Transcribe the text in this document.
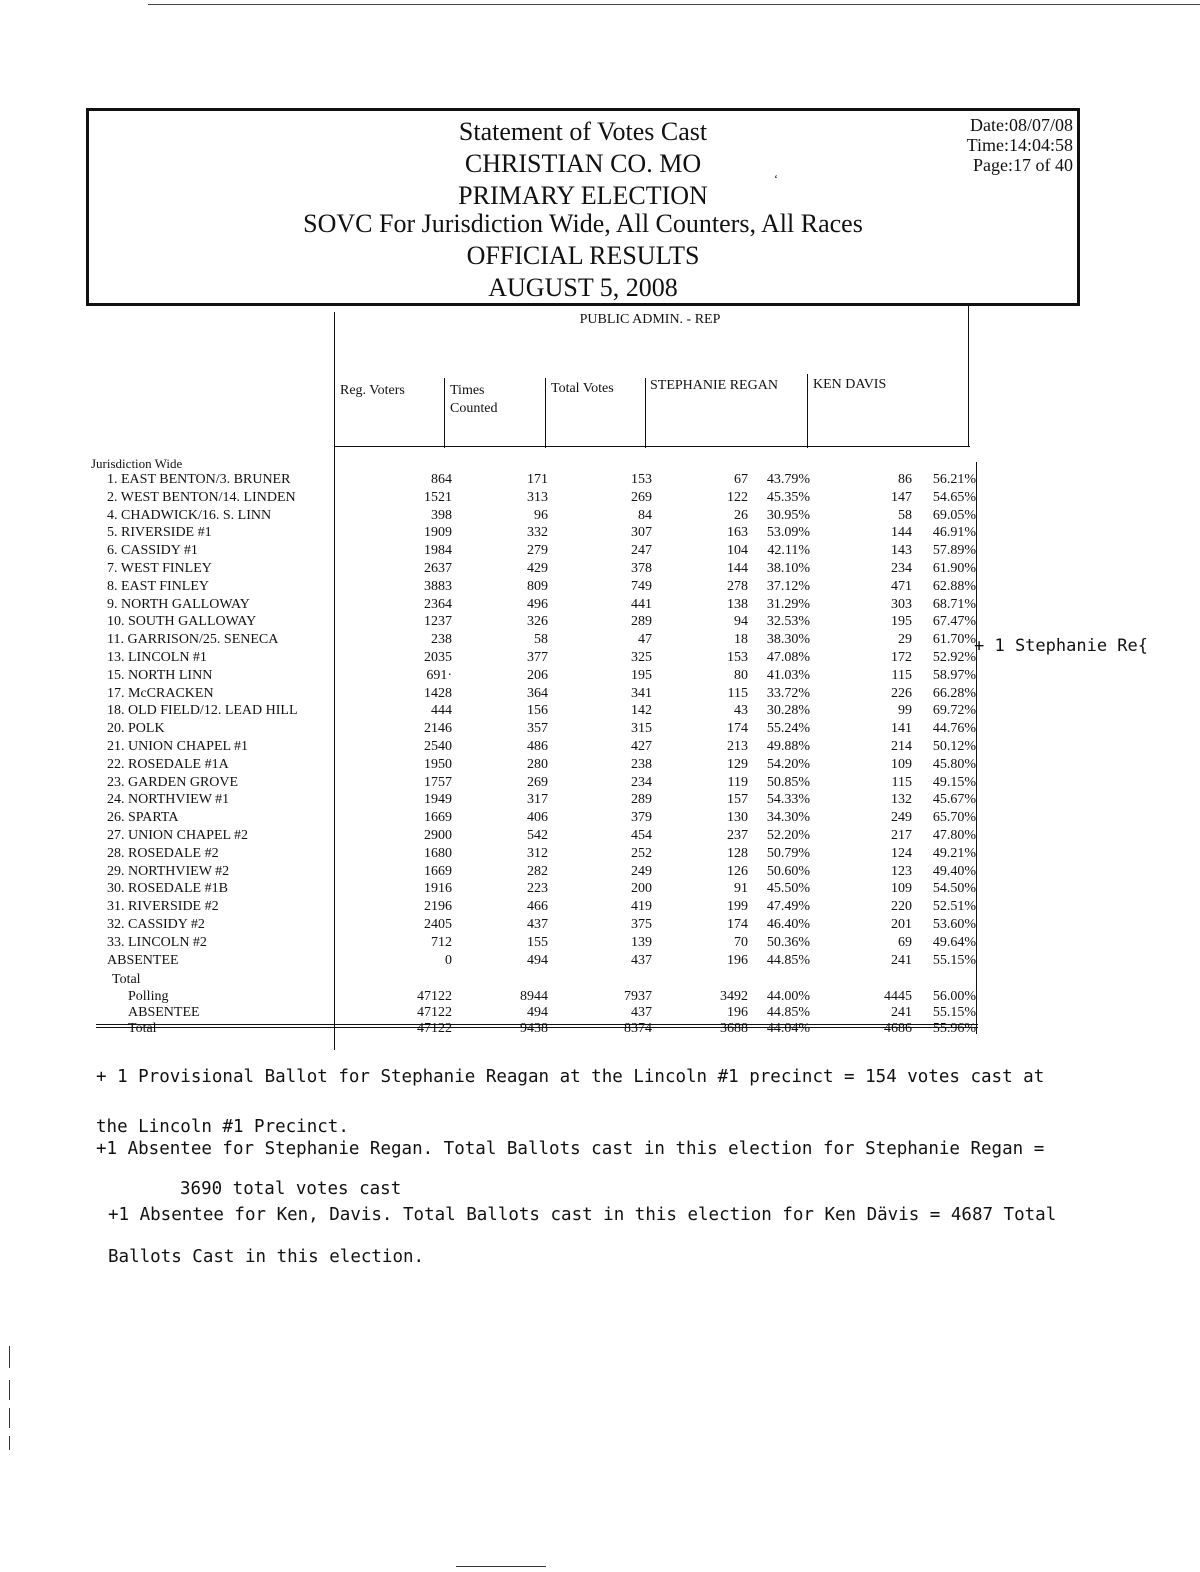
Statement of Votes Cast
CHRISTIAN CO. MO
PRIMARY ELECTION
SOVC For Jurisdiction Wide, All Counters, All Races
OFFICIAL RESULTS
AUGUST 5, 2008
Date:08/07/08
Time:14:04:58
Page:17 of 40
‘
PUBLIC ADMIN. - REP
Reg. Voters	Times
Counted
Total Votes	STEPHANIE REGAN	KEN DAVIS
Jurisdiction Wide
1. EAST BENTON/3. BRUNER	864	171	153	67 43.79%	86 56.21%
2. WEST BENTON/14. LINDEN	1521	313	269	122 45.35%	147 54.65%
4. CHADWICK/16. S. LINN	398	96	84	26 30.95%	58 69.05%
5. RIVERSIDE #1	1909	332	307	163 53.09%	144 46.91%
6. CASSIDY #1	1984	279	247	104 42.11%	143 57.89%
7. WEST FINLEY	2637	429	378	144 38.10%	234 61.90%
8. EAST FINLEY	3883	809	749	278 37.12%	471 62.88%
9. NORTH GALLOWAY	2364	496	441	138 31.29%	303 68.71%
10. SOUTH GALLOWAY	1237	326	289	94 32.53%	195 67.47%
11. GARRISON/25. SENECA	238	58	47	18 38.30%	29 61.70%
13. LINCOLN #1	2035	377	325	153 47.08%	172 52.92%
15. NORTH LINN	691·	206	195	80 41.03%	115 58.97%
17. McCRACKEN	1428	364	341	115 33.72%	226 66.28%
18. OLD FIELD/12. LEAD HILL	444	156	142	43 30.28%	99 69.72%
20. POLK	2146	357	315	174 55.24%	141 44.76%
21. UNION CHAPEL #1	2540	486	427	213 49.88%	214 50.12%
22. ROSEDALE #1A	1950	280	238	129 54.20%	109 45.80%
23. GARDEN GROVE	1757	269	234	119 50.85%	115 49.15%
24. NORTHVIEW #1	1949	317	289	157 54.33%	132 45.67%
26. SPARTA	1669	406	379	130 34.30%	249 65.70%
27. UNION CHAPEL #2	2900	542	454	237 52.20%	217 47.80%
28. ROSEDALE #2	1680	312	252	128 50.79%	124 49.21%
29. NORTHVIEW #2	1669	282	249	126 50.60%	123 49.40%
30. ROSEDALE #1B	1916	223	200	91 45.50%	109 54.50%
31. RIVERSIDE #2	2196	466	419	199 47.49%	220 52.51%
32. CASSIDY #2	2405	437	375	174 46.40%	201 53.60%
33. LINCOLN #2	712	155	139	70 50.36%	69 49.64%
ABSENTEE	0	494	437	196 44.85%	241 55.15%
+ 1 Stephanie Re{
Total
Polling	47122	8944	7937	3492 44.00%	4445 56.00%
ABSENTEE	47122	494	437	196 44.85%	241 55.15%
Total	47122	9438	8374	3688 44.04%	4686 55.96%
+ 1 Provisional Ballot for Stephanie Reagan at the Lincoln #1 precinct = 154 votes cast at
the Lincoln #1 Precinct.
+1 Absentee for Stephanie Regan. Total Ballots cast in this election for Stephanie Regan =
3690 total votes cast
+1 Absentee for Ken, Davis. Total Ballots cast in this election for Ken Dävis = 4687 Total
Ballots Cast in this election.
